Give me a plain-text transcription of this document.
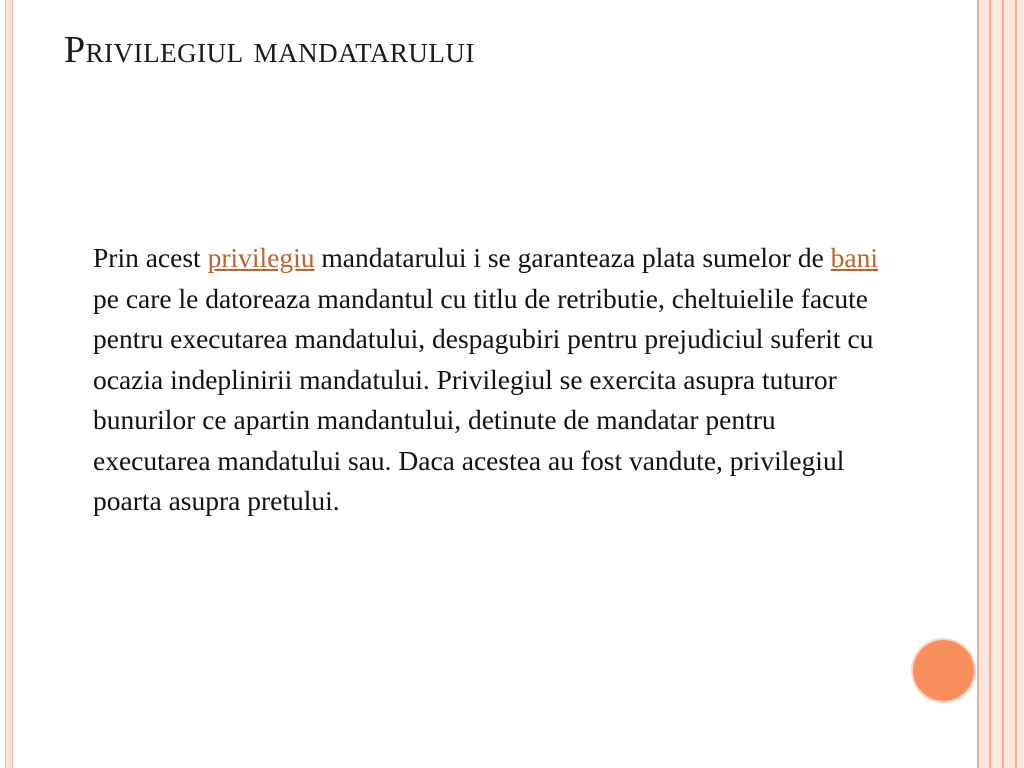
Privilegiul mandatarului

Prin acest privilegiu mandatarului i se garanteaza plata sumelor de bani pe care le datoreaza mandantul cu titlu de retributie, cheltuielile facute pentru executarea mandatului, despagubiri pentru prejudiciul suferit cu ocazia indeplinirii mandatului. Privilegiul se exercita asupra tuturor bunurilor ce apartin mandantului, detinute de mandatar pentru executarea mandatului sau. Daca acestea au fost vandute, privilegiul poarta asupra pretului.
